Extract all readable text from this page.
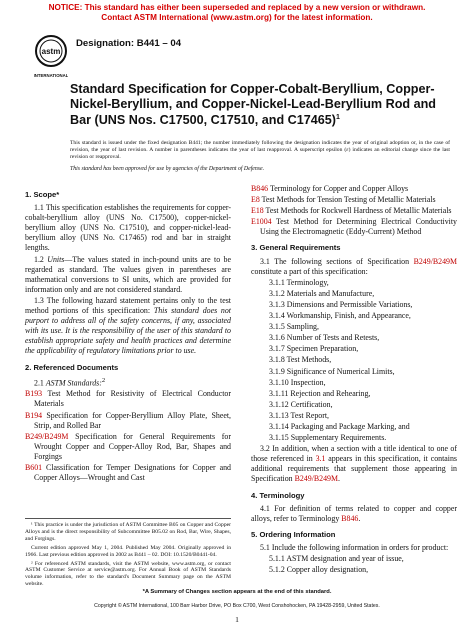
NOTICE: This standard has either been superseded and replaced by a new version or withdrawn.
Contact ASTM International (www.astm.org) for the latest information.
astm
INTERNATIONAL
Designation: B441 – 04
Standard Specification for Copper-Cobalt-Beryllium, Copper-Nickel-Beryllium, and Copper-Nickel-Lead-Beryllium Rod and Bar (UNS Nos. C17500, C17510, and C17465)$^1$
This standard is issued under the fixed designation B441; the number immediately following the designation indicates the year of original adoption or, in the case of revision, the year of last revision. A number in parentheses indicates the year of last reapproval. A superscript epsilon (ε) indicates an editorial change since the last revision or reapproval.
This standard has been approved for use by agencies of the Department of Defense.

1. Scope*

1.1 This specification establishes the requirements for copper-cobalt-beryllium alloy (UNS No. C17500), copper-nickel-beryllium alloy (UNS No. C17510), and copper-nickel-lead-beryllium alloy (UNS No. C17465) rod and bar in straight lengths.

1.2 Units—The values stated in inch-pound units are to be regarded as standard. The values given in parentheses are mathematical conversions to SI units, which are provided for information only and are not considered standard.

1.3 The following hazard statement pertains only to the test method portions of this specification: This standard does not purport to address all of the safety concerns, if any, associated with its use. It is the responsibility of the user of this standard to establish appropriate safety and health practices and determine the applicability of regulatory limitations prior to use.

2. Referenced Documents

2.1 ASTM Standards:$^2$

B193 Test Method for Resistivity of Electrical Conductor Materials

B194 Specification for Copper-Beryllium Alloy Plate, Sheet, Strip, and Rolled Bar

B249/B249M Specification for General Requirements for Wrought Copper and Copper-Alloy Rod, Bar, Shapes and Forgings

B601 Classification for Temper Designations for Copper and Copper Alloys—Wrought and Cast

¹ This practice is under the jurisdiction of ASTM Committee B05 on Copper and Copper Alloys and is the direct responsibility of Subcommittee B05.02 on Rod, Bar, Wire, Shapes, and Forgings.

Current edition approved May 1, 2004. Published May 2004. Originally approved in 1966. Last previous edition approved in 2002 as B441 – 02. DOI: 10.1520/B0441-04.

² For referenced ASTM standards, visit the ASTM website, www.astm.org, or contact ASTM Customer Service at service@astm.org. For Annual Book of ASTM Standards volume information, refer to the standard's Document Summary page on the ASTM website.

B846 Terminology for Copper and Copper Alloys

E8 Test Methods for Tension Testing of Metallic Materials

E18 Test Methods for Rockwell Hardness of Metallic Materials

E1004 Test Method for Determining Electrical Conductivity Using the Electromagnetic (Eddy-Current) Method

3. General Requirements

3.1 The following sections of Specification B249/B249M constitute a part of this specification:

3.1.1 Terminology,

3.1.2 Materials and Manufacture,

3.1.3 Dimensions and Permissible Variations,

3.1.4 Workmanship, Finish, and Appearance,

3.1.5 Sampling,

3.1.6 Number of Tests and Retests,

3.1.7 Specimen Preparation,

3.1.8 Test Methods,

3.1.9 Significance of Numerical Limits,

3.1.10 Inspection,

3.1.11 Rejection and Rehearing,

3.1.12 Certification,

3.1.13 Test Report,

3.1.14 Packaging and Package Marking, and

3.1.15 Supplementary Requirements.

3.2 In addition, when a section with a title identical to one of those referenced in 3.1 appears in this specification, it contains additional requirements that supplement those appearing in Specification B249/B249M.

4. Terminology

4.1 For definition of terms related to copper and copper alloys, refer to Terminology B846.

5. Ordering Information

5.1 Include the following information in orders for product:

5.1.1 ASTM designation and year of issue,

5.1.2 Copper alloy designation,

*A Summary of Changes section appears at the end of this standard.
Copyright © ASTM International, 100 Barr Harbor Drive, PO Box C700, West Conshohocken, PA 19428-2959, United States.
1
